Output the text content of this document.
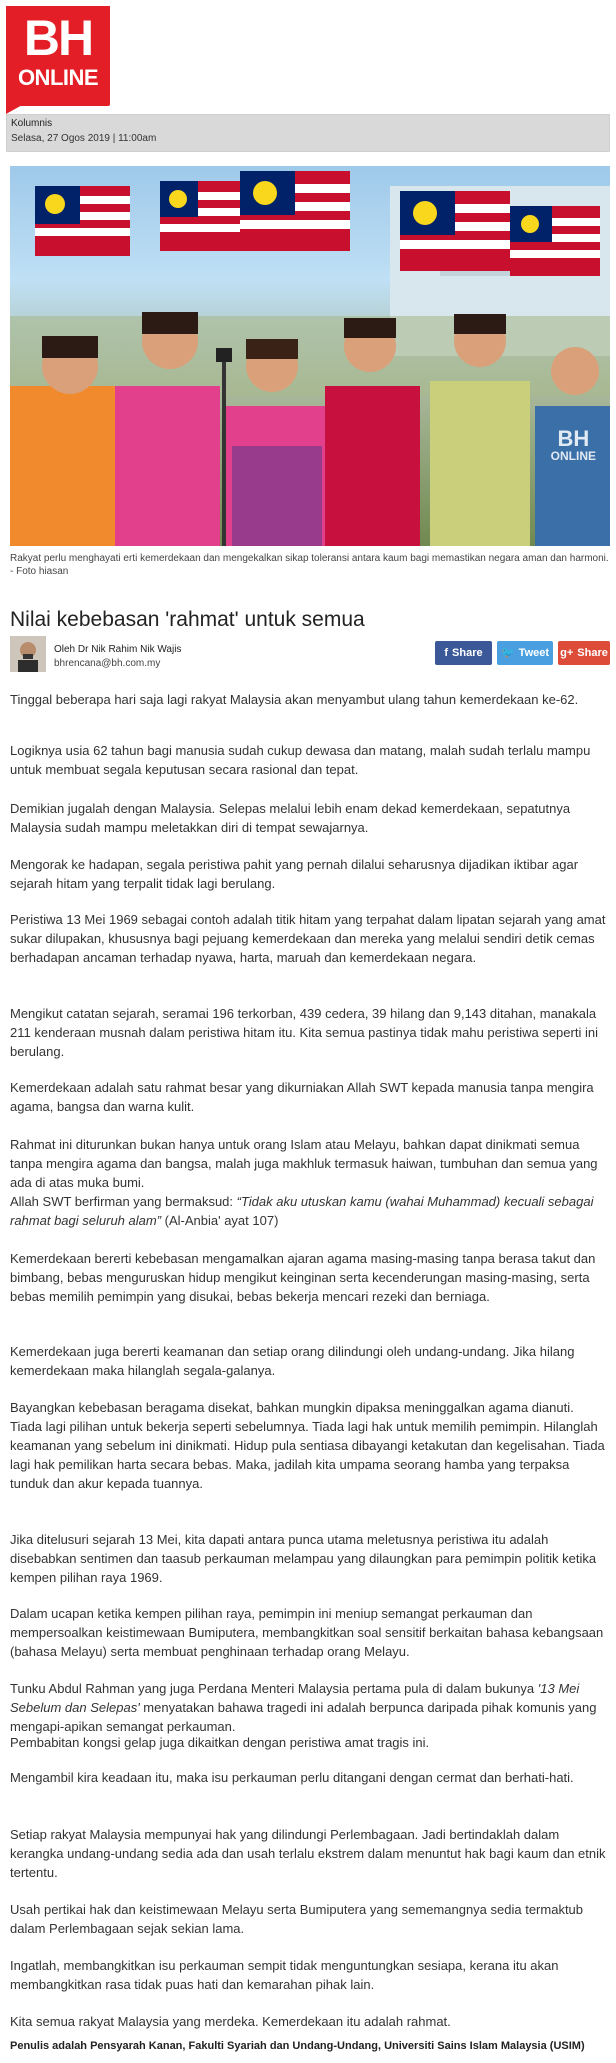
BH
ONLINE
Kolumnis
Selasa, 27 Ogos 2019 | 11:00am
BH
ONLINE
Rakyat perlu menghayati erti kemerdekaan dan mengekalkan sikap toleransi antara kaum bagi memastikan negara aman dan harmoni. - Foto hiasan
Nilai kebebasan 'rahmat' untuk semua
Oleh Dr Nik Rahim Nik Wajis
bhrencana@bh.com.my
f Share	🐦 Tweet	g+ Share

Tinggal beberapa hari saja lagi rakyat Malaysia akan menyambut ulang tahun kemerdekaan ke-62.

Logiknya usia 62 tahun bagi manusia sudah cukup dewasa dan matang, malah sudah terlalu mampu untuk membuat segala keputusan secara rasional dan tepat.

Demikian jugalah dengan Malaysia. Selepas melalui lebih enam dekad kemerdekaan, sepatutnya Malaysia sudah mampu meletakkan diri di tempat sewajarnya.

Mengorak ke hadapan, segala peristiwa pahit yang pernah dilalui seharusnya dijadikan iktibar agar sejarah hitam yang terpalit tidak lagi berulang.

Peristiwa 13 Mei 1969 sebagai contoh adalah titik hitam yang terpahat dalam lipatan sejarah yang amat sukar dilupakan, khususnya bagi pejuang kemerdekaan dan mereka yang melalui sendiri detik cemas berhadapan ancaman terhadap nyawa, harta, maruah dan kemerdekaan negara.

Mengikut catatan sejarah, seramai 196 terkorban, 439 cedera, 39 hilang dan 9,143 ditahan, manakala 211 kenderaan musnah dalam peristiwa hitam itu. Kita semua pastinya tidak mahu peristiwa seperti ini berulang.

Kemerdekaan adalah satu rahmat besar yang dikurniakan Allah SWT kepada manusia tanpa mengira agama, bangsa dan warna kulit.

Rahmat ini diturunkan bukan hanya untuk orang Islam atau Melayu, bahkan dapat dinikmati semua tanpa mengira agama dan bangsa, malah juga makhluk termasuk haiwan, tumbuhan dan semua yang ada di atas muka bumi.

Allah SWT berfirman yang bermaksud: “Tidak aku utuskan kamu (wahai Muhammad) kecuali sebagai rahmat bagi seluruh alam” (Al-Anbia' ayat 107)

Kemerdekaan bererti kebebasan mengamalkan ajaran agama masing-masing tanpa berasa takut dan bimbang, bebas menguruskan hidup mengikut keinginan serta kecenderungan masing-masing, serta bebas memilih pemimpin yang disukai, bebas bekerja mencari rezeki dan berniaga.

Kemerdekaan juga bererti keamanan dan setiap orang dilindungi oleh undang-undang. Jika hilang kemerdekaan maka hilanglah segala-galanya.

Bayangkan kebebasan beragama disekat, bahkan mungkin dipaksa meninggalkan agama dianuti. Tiada lagi pilihan untuk bekerja seperti sebelumnya. Tiada lagi hak untuk memilih pemimpin. Hilanglah keamanan yang sebelum ini dinikmati. Hidup pula sentiasa dibayangi ketakutan dan kegelisahan. Tiada lagi hak pemilikan harta secara bebas. Maka, jadilah kita umpama seorang hamba yang terpaksa tunduk dan akur kepada tuannya.

Jika ditelusuri sejarah 13 Mei, kita dapati antara punca utama meletusnya peristiwa itu adalah disebabkan sentimen dan taasub perkauman melampau yang dilaungkan para pemimpin politik ketika kempen pilihan raya 1969.

Dalam ucapan ketika kempen pilihan raya, pemimpin ini meniup semangat perkauman dan mempersoalkan keistimewaan Bumiputera, membangkitkan soal sensitif berkaitan bahasa kebangsaan (bahasa Melayu) serta membuat penghinaan terhadap orang Melayu.

Tunku Abdul Rahman yang juga Perdana Menteri Malaysia pertama pula di dalam bukunya '13 Mei Sebelum dan Selepas' menyatakan bahawa tragedi ini adalah berpunca daripada pihak komunis yang mengapi-apikan semangat perkauman.

Pembabitan kongsi gelap juga dikaitkan dengan peristiwa amat tragis ini.

Mengambil kira keadaan itu, maka isu perkauman perlu ditangani dengan cermat dan berhati-hati.

Setiap rakyat Malaysia mempunyai hak yang dilindungi Perlembagaan. Jadi bertindaklah dalam kerangka undang-undang sedia ada dan usah terlalu ekstrem dalam menuntut hak bagi kaum dan etnik tertentu.

Usah pertikai hak dan keistimewaan Melayu serta Bumiputera yang sememangnya sedia termaktub dalam Perlembagaan sejak sekian lama.

Ingatlah, membangkitkan isu perkauman sempit tidak menguntungkan sesiapa, kerana itu akan membangkitkan rasa tidak puas hati dan kemarahan pihak lain.

Kita semua rakyat Malaysia yang merdeka. Kemerdekaan itu adalah rahmat.

Penulis adalah Pensyarah Kanan, Fakulti Syariah dan Undang-Undang, Universiti Sains Islam Malaysia (USIM)
